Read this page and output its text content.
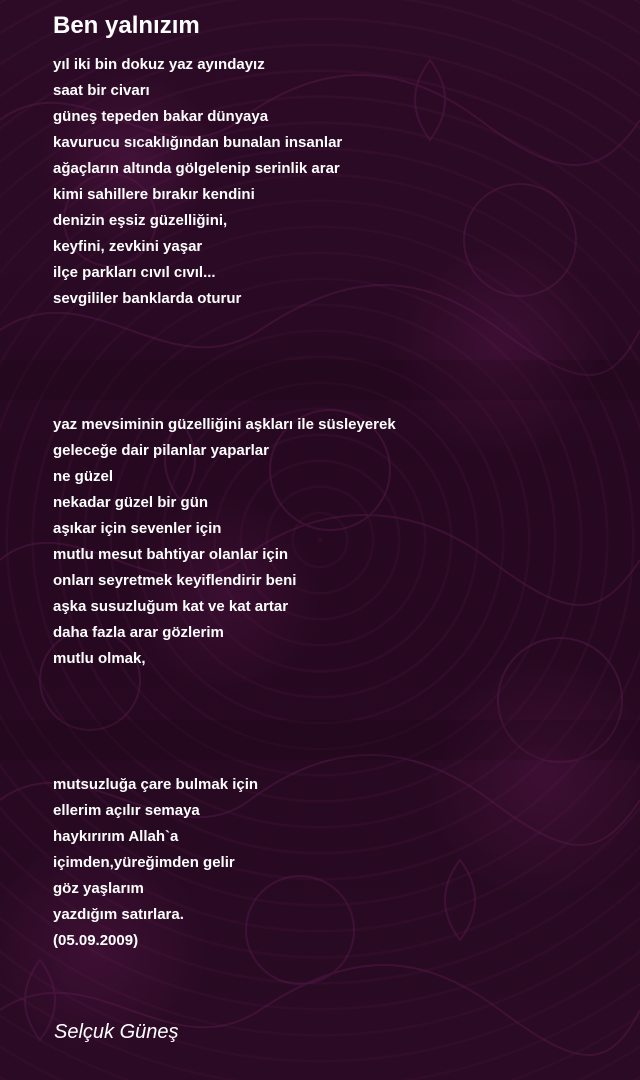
Ben yalnızım
yıl iki bin dokuz yaz ayındayız
saat bir civarı
güneş tepeden bakar dünyaya
kavurucu sıcaklığından bunalan insanlar
ağaçların altında gölgelenip serinlik arar
kimi sahillere bırakır kendini
denizin eşsiz güzelliğini,
keyfini, zevkini yaşar
ilçe parkları cıvıl cıvıl...
sevgililer banklarda oturur
yaz mevsiminin güzelliğini aşkları ile süsleyerek
geleceğe dair pilanlar yaparlar
ne güzel
nekadar güzel bir gün
aşıkar için sevenler için
mutlu mesut bahtiyar olanlar için
onları seyretmek keyiflendirir beni
aşka susuzluğum kat ve kat artar
daha fazla arar gözlerim
mutlu olmak,
mutsuzluğa çare bulmak için
ellerim açılır semaya
haykırırım Allah`a
içimden,yüreğimden gelir
göz yaşlarım
yazdığım satırlara.
(05.09.2009)
Selçuk Güneş
